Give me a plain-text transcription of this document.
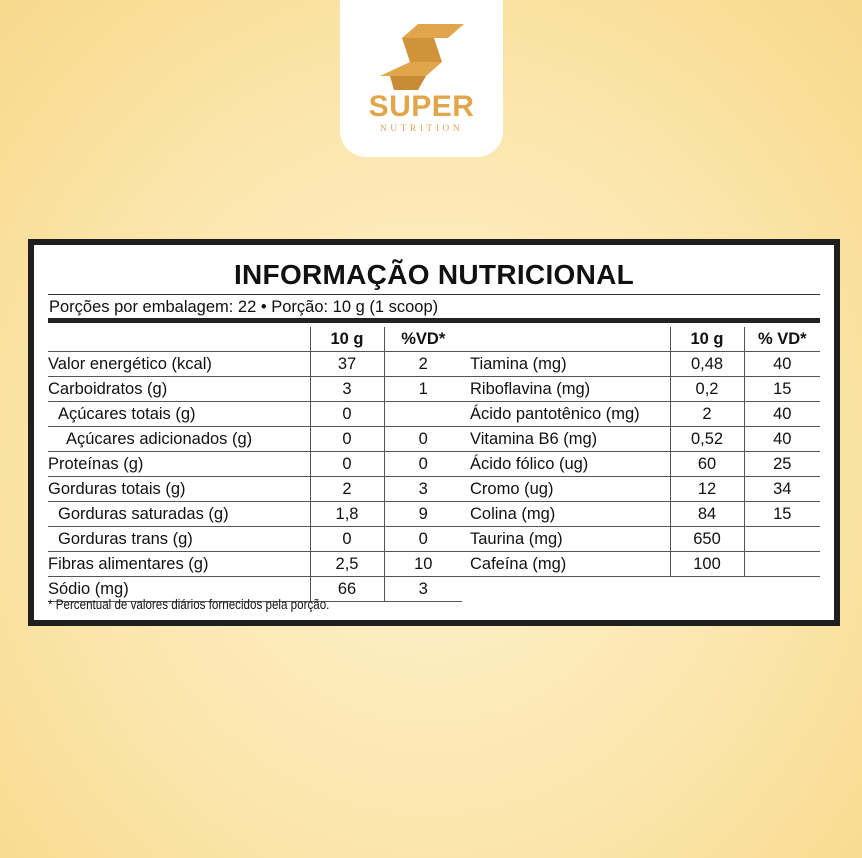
SUPER
NUTRITION
INFORMAÇÃO NUTRICIONAL
Porções por embalagem: 22 • Porção: 10 g (1 scoop)
	10 g	%VD*
Valor energético (kcal)	37	2
Carboidratos (g)	3	1
Açúcares totais (g)	0	
Açúcares adicionados (g)	0	0
Proteínas (g)	0	0
Gorduras totais (g)	2	3
Gorduras saturadas (g)	1,8	9
Gorduras trans (g)	0	0
Fibras alimentares (g)	2,5	10
Sódio (mg)	66	3
	10 g	% VD*
Tiamina (mg)	0,48	40
Riboflavina (mg)	0,2	15
Ácido pantotênico (mg)	2	40
Vitamina B6 (mg)	0,52	40
Ácido fólico (ug)	60	25
Cromo (ug)	12	34
Colina (mg)	84	15
Taurina (mg)	650	
Cafeína (mg)	100	
* Percentual de valores diários fornecidos pela porção.
